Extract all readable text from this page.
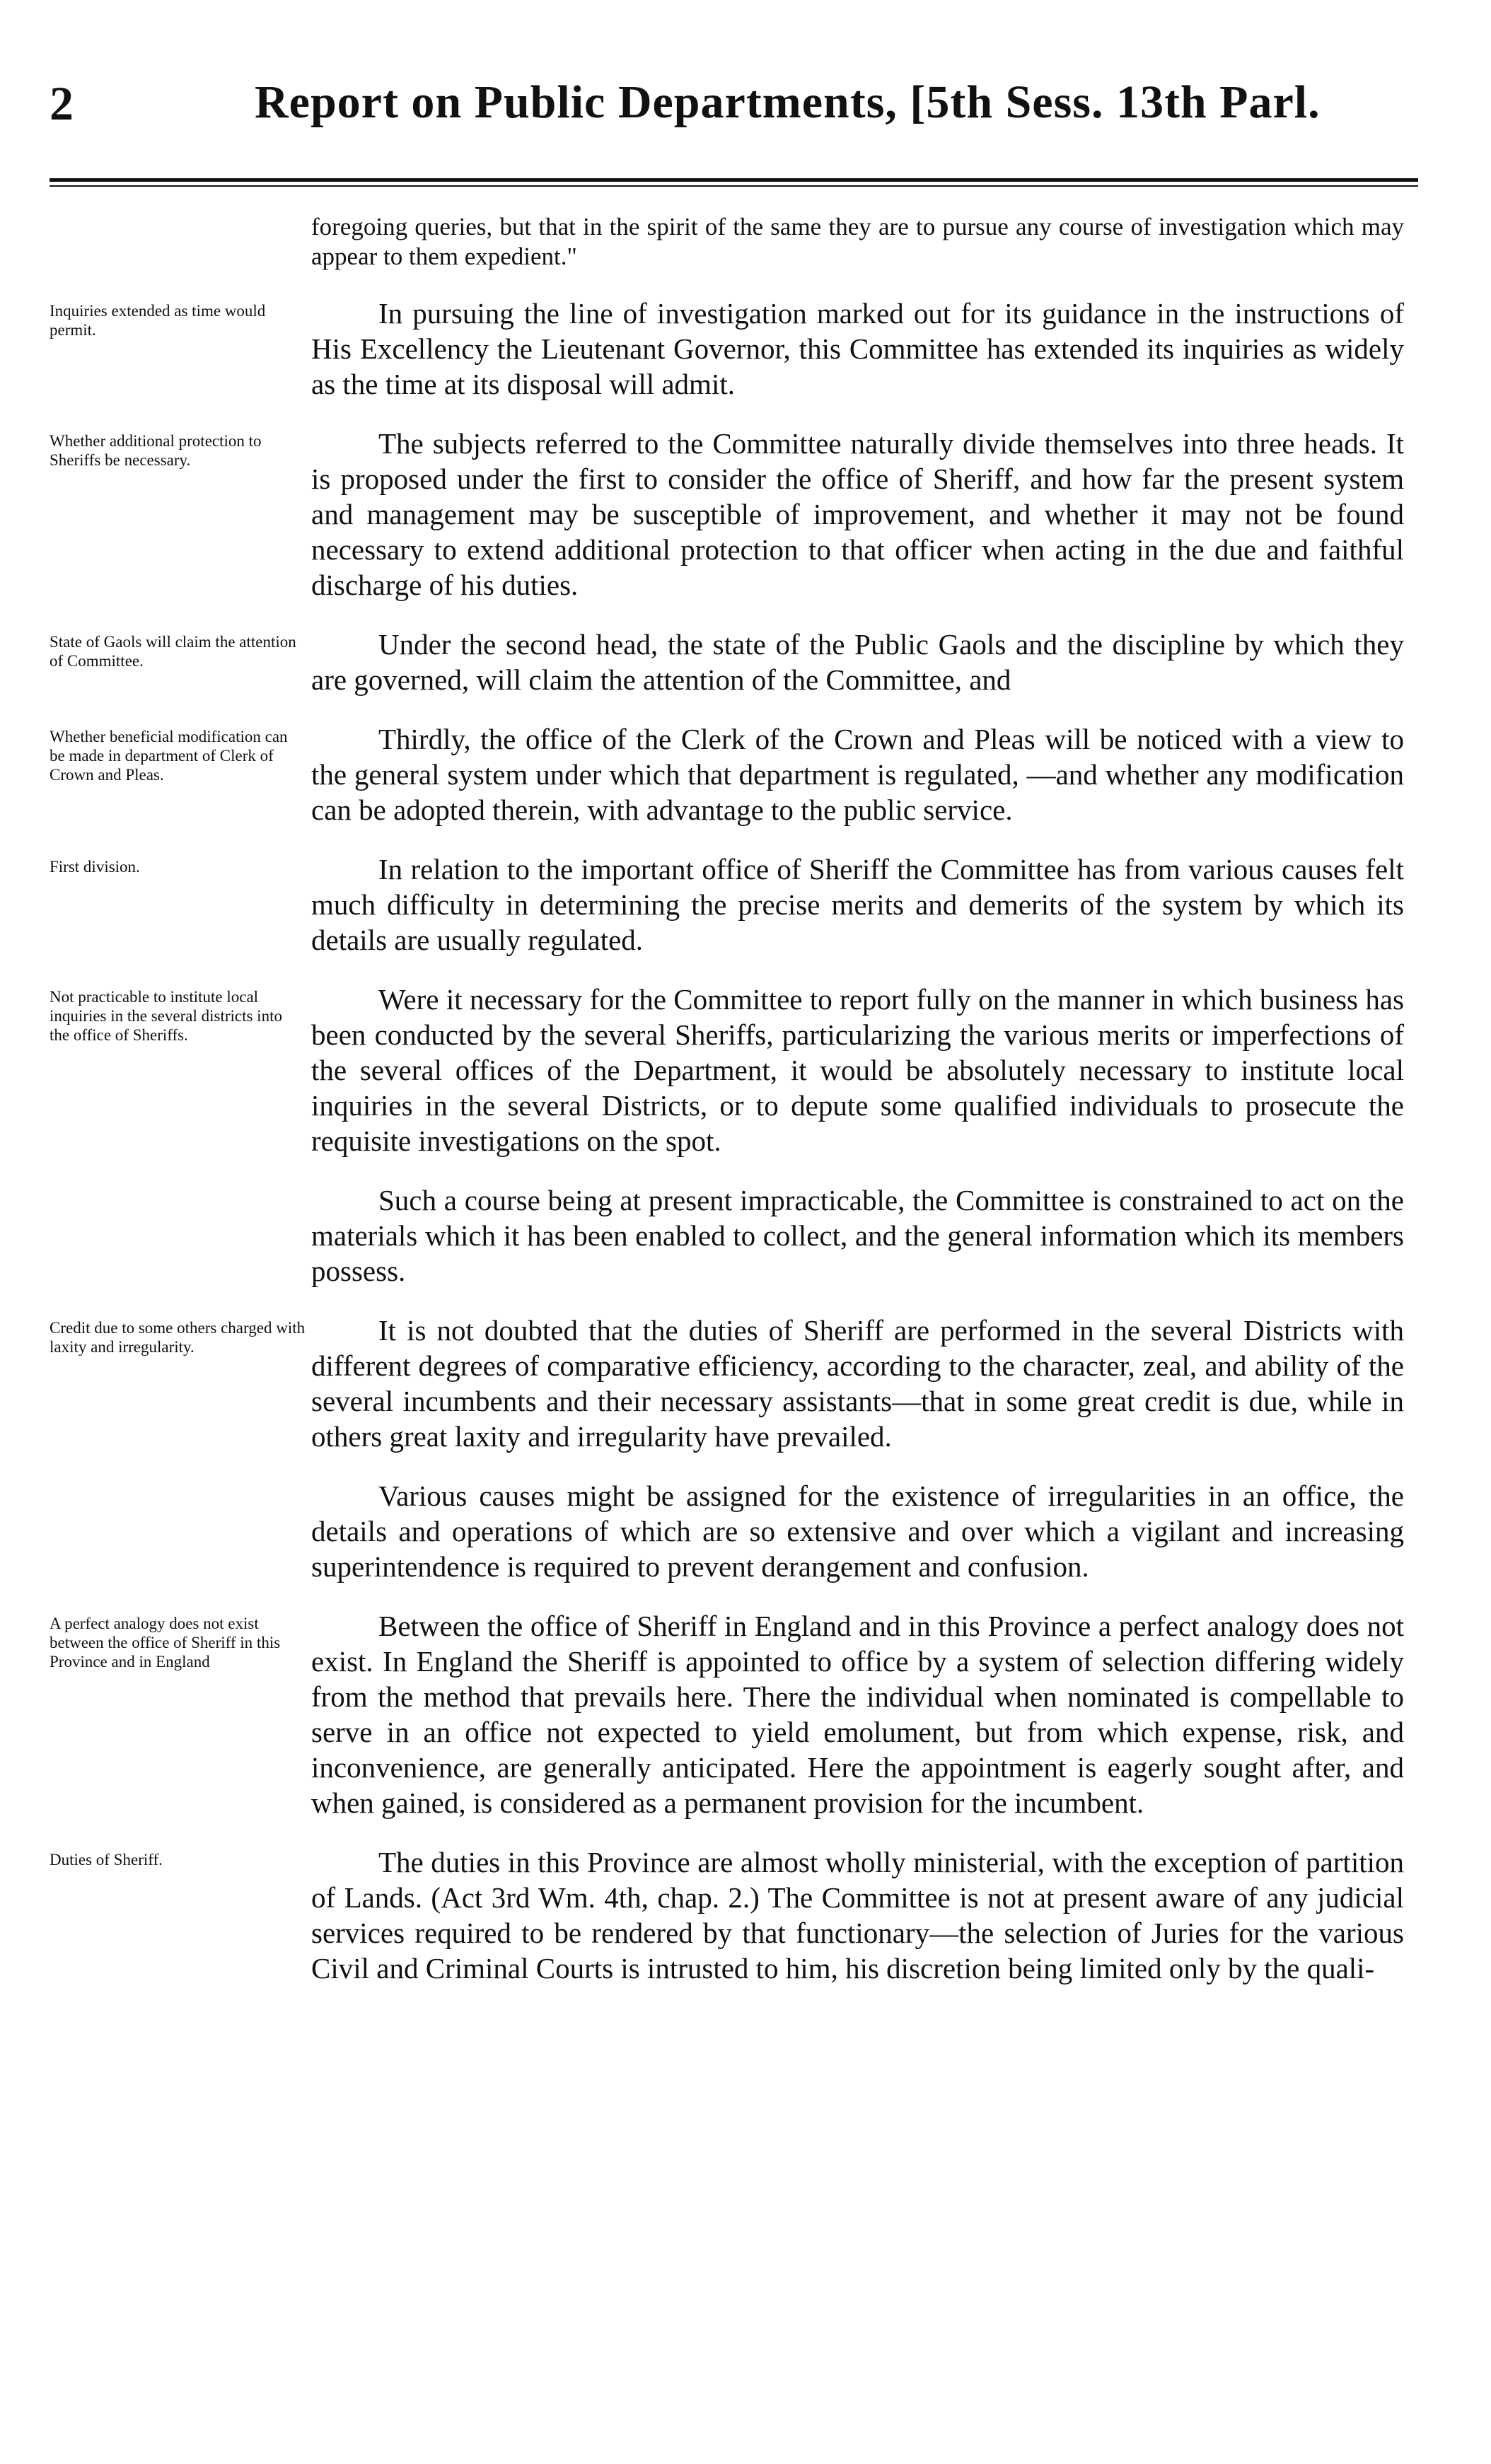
2	Report on Public Departments, [5th Sess. 13th Parl.
foregoing queries, but that in the spirit of the same they are to pursue any course of investigation which may appear to them expedient."
Inquiries extended as time would permit.
In pursuing the line of investigation marked out for its guidance in the instructions of His Excellency the Lieutenant Governor, this Committee has extended its inquiries as widely as the time at its disposal will admit.
Whether additional protection to Sheriffs be necessary.
The subjects referred to the Committee naturally divide themselves into three heads. It is proposed under the first to consider the office of Sheriff, and how far the present system and management may be susceptible of improvement, and whether it may not be found necessary to extend additional protection to that officer when acting in the due and faithful discharge of his duties.
State of Gaols will claim the attention of Committee.
Under the second head, the state of the Public Gaols and the discipline by which they are governed, will claim the attention of the Committee, and
Whether beneficial modification can be made in department of Clerk of Crown and Pleas.
Thirdly, the office of the Clerk of the Crown and Pleas will be noticed with a view to the general system under which that department is regulated, —and whether any modification can be adopted therein, with advantage to the public service.
First division.	In relation to the important office of Sheriff the Committee has from various causes felt much difficulty in determining the precise merits and demerits of the system by which its details are usually regulated.
Not practicable to institute local inquiries in the several districts into the office of Sheriffs.
Were it necessary for the Committee to report fully on the manner in which business has been conducted by the several Sheriffs, particularizing the various merits or imperfections of the several offices of the Department, it would be absolutely necessary to institute local inquiries in the several Districts, or to depute some qualified individuals to prosecute the requisite investigations on the spot.
Such a course being at present impracticable, the Committee is constrained to act on the materials which it has been enabled to collect, and the general information which its members possess.
Credit due to some others charged with laxity and irregularity.
It is not doubted that the duties of Sheriff are performed in the several Districts with different degrees of comparative efficiency, according to the character, zeal, and ability of the several incumbents and their necessary assistants—that in some great credit is due, while in others great laxity and irregularity have prevailed.
Various causes might be assigned for the existence of irregularities in an office, the details and operations of which are so extensive and over which a vigilant and increasing superintendence is required to prevent derangement and confusion.
A perfect analogy does not exist between the office of Sheriff in this Province and in England
Between the office of Sheriff in England and in this Province a perfect analogy does not exist. In England the Sheriff is appointed to office by a system of selection differing widely from the method that prevails here. There the individual when nominated is compellable to serve in an office not expected to yield emolument, but from which expense, risk, and inconvenience, are generally anticipated. Here the appointment is eagerly sought after, and when gained, is considered as a permanent provision for the incumbent.
Duties of Sheriff.	The duties in this Province are almost wholly ministerial, with the exception of partition of Lands. (Act 3rd Wm. 4th, chap. 2.) The Committee is not at present aware of any judicial services required to be rendered by that functionary—the selection of Juries for the various Civil and Criminal Courts is intrusted to him, his discretion being limited only by the quali-
